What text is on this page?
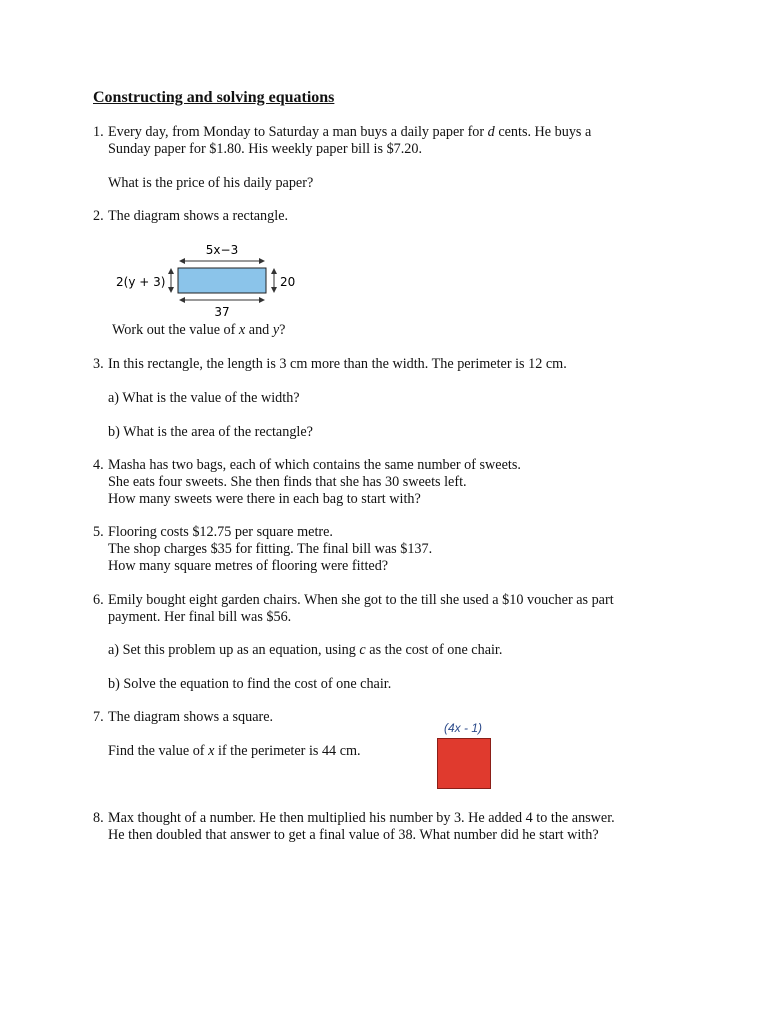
Constructing and solving equations
1. Every day, from Monday to Saturday a man buys a daily paper for d cents. He buys a
Sunday paper for $1.80. His weekly paper bill is $7.20.
What is the price of his daily paper?
2. The diagram shows a rectangle.
5x−3
2(y + 3)	20
37
Work out the value of x and y?
3. In this rectangle, the length is 3 cm more than the width. The perimeter is 12 cm.
a) What is the value of the width?
b) What is the area of the rectangle?
4. Masha has two bags, each of which contains the same number of sweets.
She eats four sweets. She then finds that she has 30 sweets left.
How many sweets were there in each bag to start with?
5. Flooring costs $12.75 per square metre.
The shop charges $35 for fitting. The final bill was $137.
How many square metres of flooring were fitted?
6. Emily bought eight garden chairs. When she got to the till she used a $10 voucher as part
payment. Her final bill was $56.
a) Set this problem up as an equation, using c as the cost of one chair.
b) Solve the equation to find the cost of one chair.
7. The diagram shows a square.
Find the value of x if the perimeter is 44 cm.
(4x - 1)
8. Max thought of a number. He then multiplied his number by 3. He added 4 to the answer.
He then doubled that answer to get a final value of 38. What number did he start with?
